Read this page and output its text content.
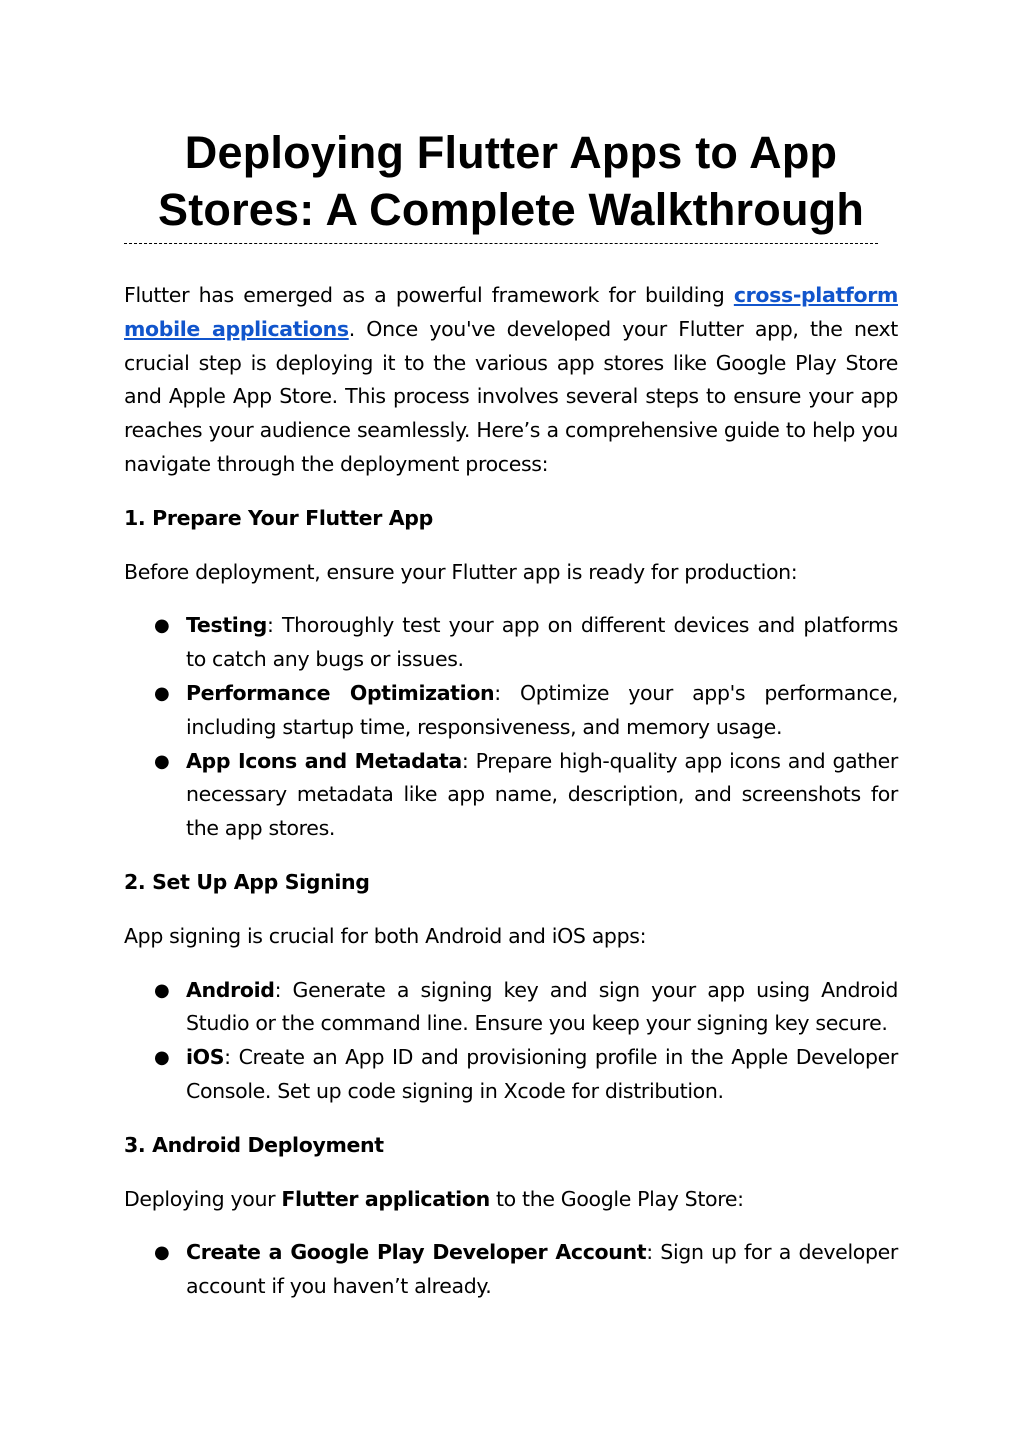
Deploying Flutter Apps to App Stores: A Complete Walkthrough

Flutter has emerged as a powerful framework for building cross-platform mobile applications. Once you've developed your Flutter app, the next crucial step is deploying it to the various app stores like Google Play Store and Apple App Store. This process involves several steps to ensure your app reaches your audience seamlessly. Here’s a comprehensive guide to help you navigate through the deployment process:

1. Prepare Your Flutter App

Before deployment, ensure your Flutter app is ready for production:

● Testing: Thoroughly test your app on different devices and platforms to catch any bugs or issues.
● Performance Optimization: Optimize your app's performance, including startup time, responsiveness, and memory usage.
● App Icons and Metadata: Prepare high-quality app icons and gather necessary metadata like app name, description, and screenshots for the app stores.

2. Set Up App Signing

App signing is crucial for both Android and iOS apps:

● Android: Generate a signing key and sign your app using Android Studio or the command line. Ensure you keep your signing key secure.
● iOS: Create an App ID and provisioning profile in the Apple Developer Console. Set up code signing in Xcode for distribution.

3. Android Deployment

Deploying your Flutter application to the Google Play Store:

● Create a Google Play Developer Account: Sign up for a developer account if you haven’t already.
